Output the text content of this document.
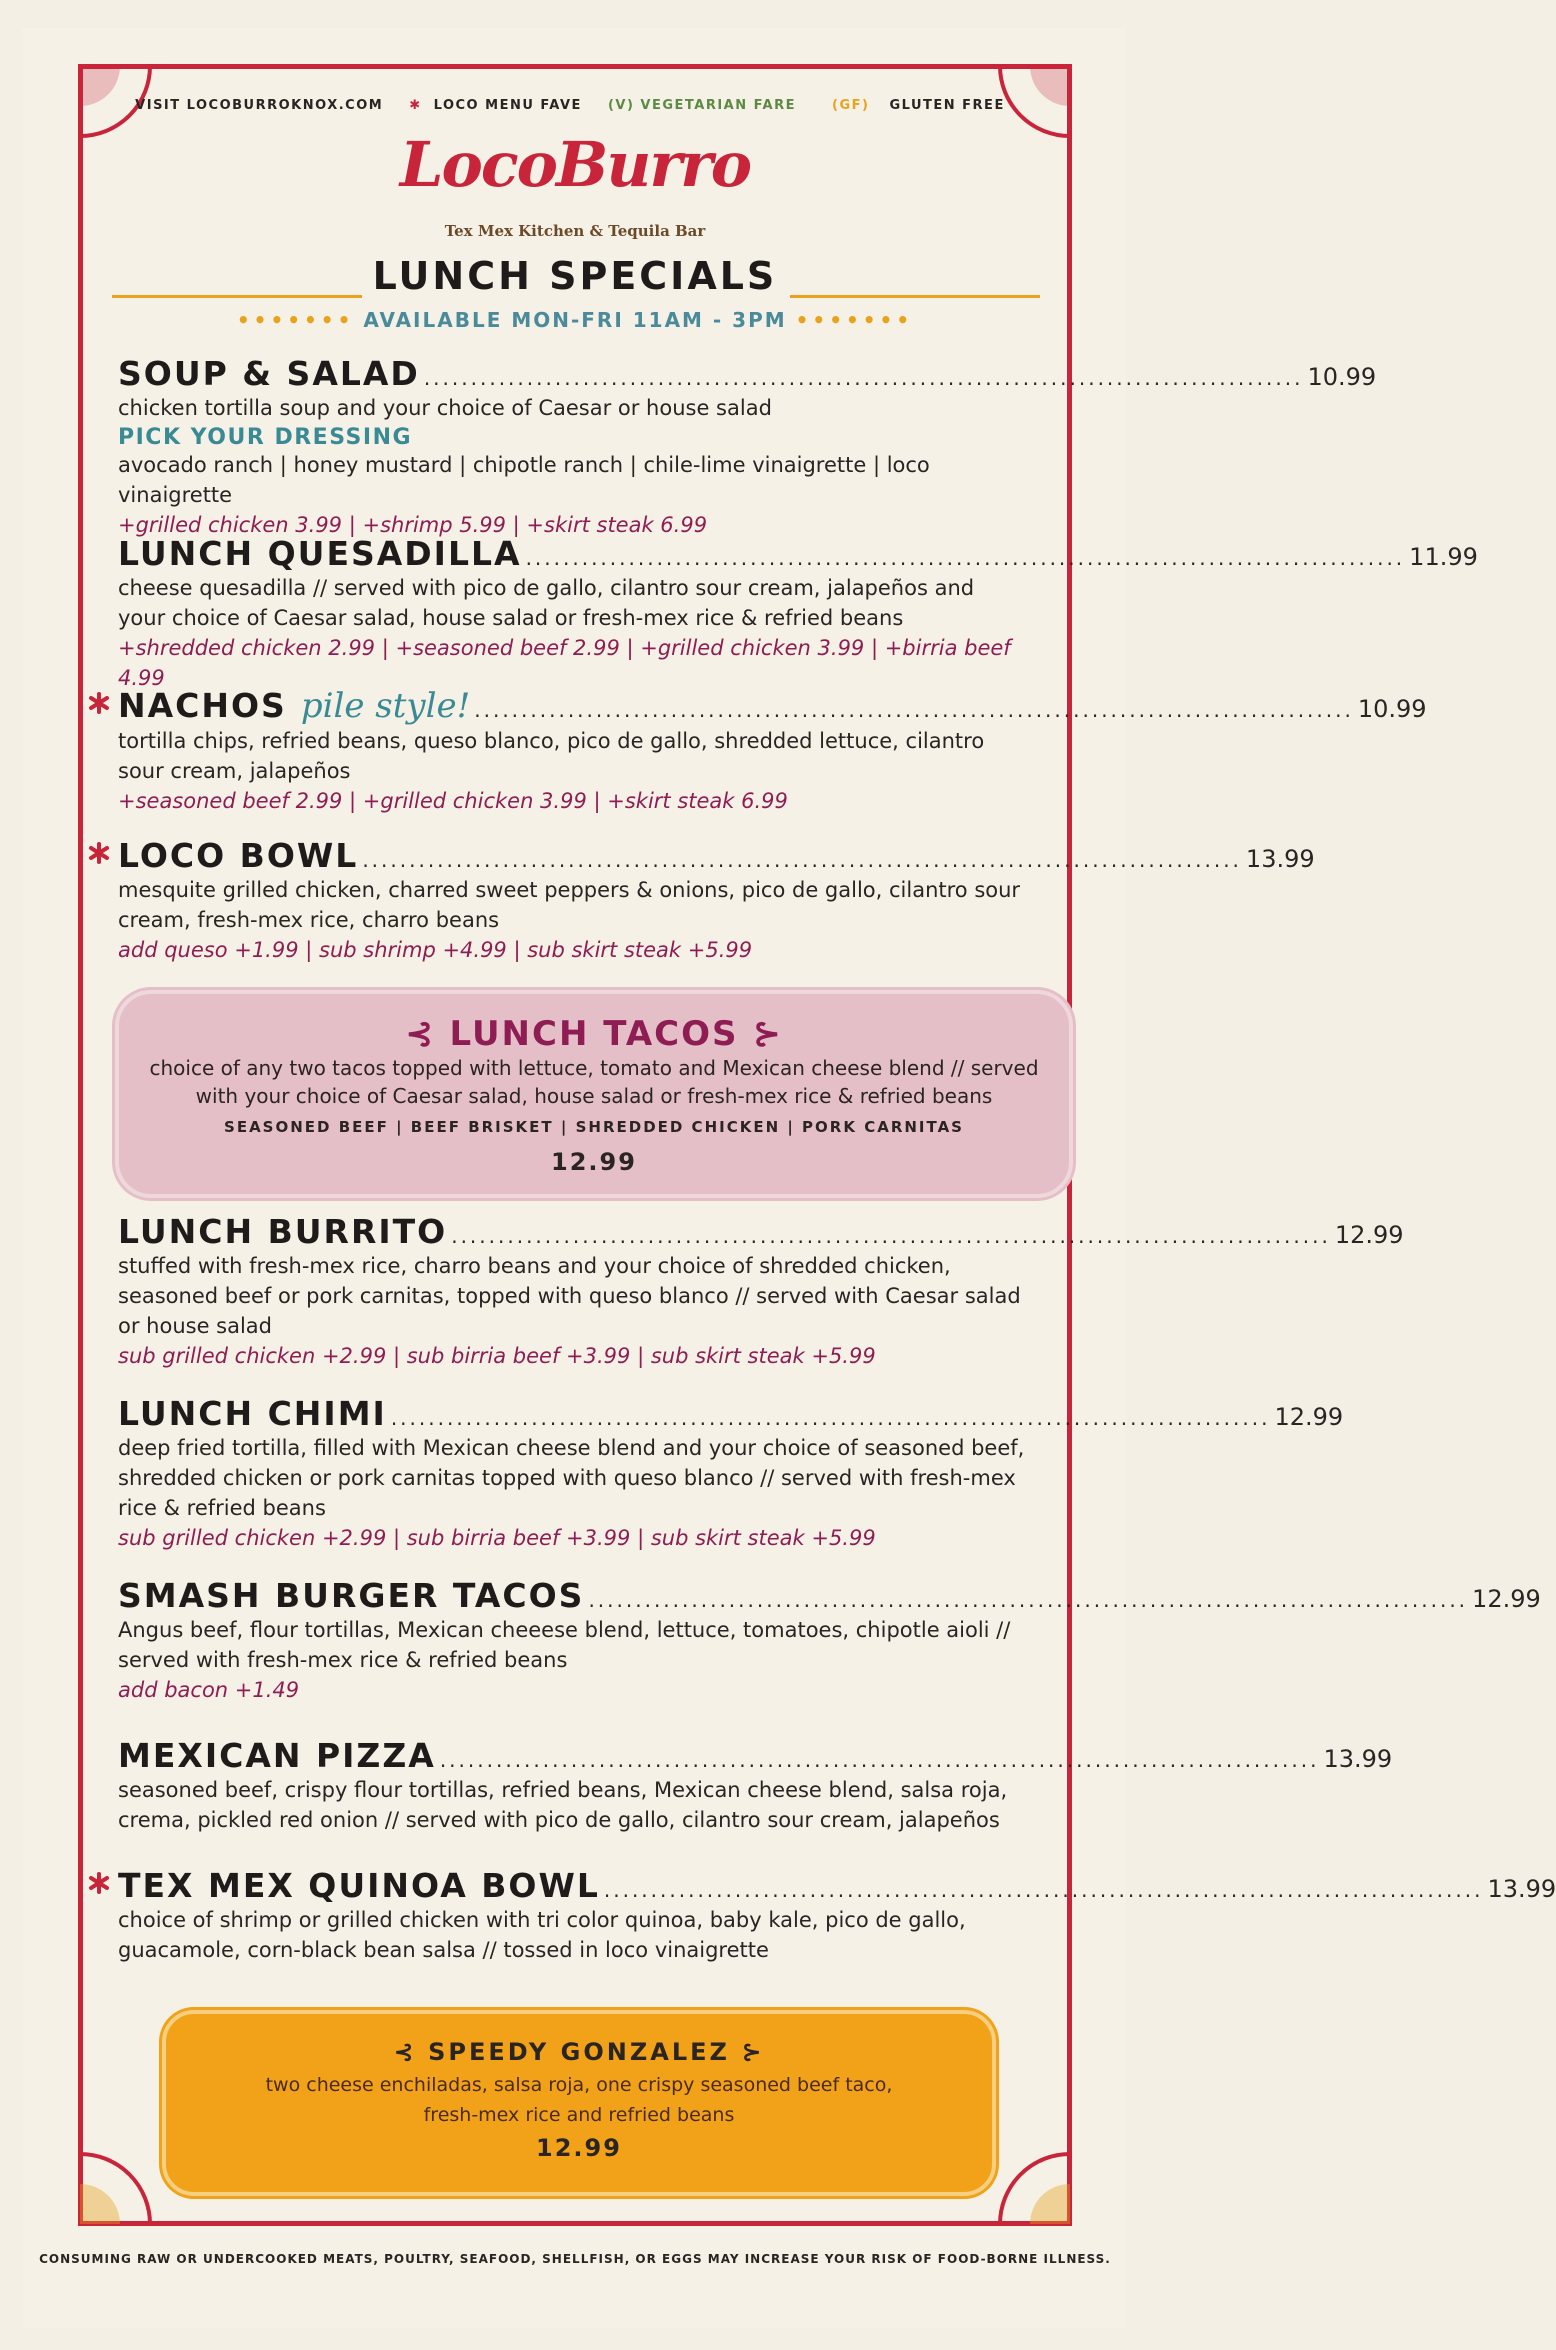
VISIT LOCOBURROKNOX.COM ✱ LOCO MENU FAVE (V) VEGETARIAN FARE	(GF) GLUTEN FREE
LocoBurro
Tex Mex Kitchen & Tequila Bar
LUNCH SPECIALS
••••••• AVAILABLE MON-FRI 11AM - 3PM •••••••
SOUP & SALAD .............................................................................................. 10.99
chicken tortilla soup and your choice of Caesar or house salad
PICK YOUR DRESSING
avocado ranch | honey mustard | chipotle ranch | chile-lime vinaigrette | loco vinaigrette
+grilled chicken 3.99 | +shrimp 5.99 | +skirt steak 6.99
LUNCH QUESADILLA .............................................................................................. 11.99
cheese quesadilla // served with pico de gallo, cilantro sour cream, jalapeños and your choice of Caesar salad, house salad or fresh-mex rice & refried beans
+shredded chicken 2.99 | +seasoned beef 2.99 | +grilled chicken 3.99 | +birria beef 4.99
NACHOS pile style! .............................................................................................. 10.99
tortilla chips, refried beans, queso blanco, pico de gallo, shredded lettuce, cilantro sour cream, jalapeños
+seasoned beef 2.99 | +grilled chicken 3.99 | +skirt steak 6.99
LOCO BOWL .............................................................................................. 13.99
mesquite grilled chicken, charred sweet peppers & onions, pico de gallo, cilantro sour cream, fresh-mex rice, charro beans
add queso +1.99 | sub shrimp +4.99 | sub skirt steak +5.99
⊰ LUNCH TACOS ⊱
choice of any two tacos topped with lettuce, tomato and Mexican cheese blend // served with your choice of Caesar salad, house salad or fresh-mex rice & refried beans
SEASONED BEEF | BEEF BRISKET | SHREDDED CHICKEN | PORK CARNITAS
12.99
LUNCH BURRITO .............................................................................................. 12.99
stuffed with fresh-mex rice, charro beans and your choice of shredded chicken, seasoned beef or pork carnitas, topped with queso blanco // served with Caesar salad or house salad
sub grilled chicken +2.99 | sub birria beef +3.99 | sub skirt steak +5.99
LUNCH CHIMI .............................................................................................. 12.99
deep fried tortilla, filled with Mexican cheese blend and your choice of seasoned beef, shredded chicken or pork carnitas topped with queso blanco // served with fresh-mex rice & refried beans
sub grilled chicken +2.99 | sub birria beef +3.99 | sub skirt steak +5.99
SMASH BURGER TACOS .............................................................................................. 12.99
Angus beef, flour tortillas, Mexican cheeese blend, lettuce, tomatoes, chipotle aioli // served with fresh-mex rice & refried beans
add bacon +1.49
MEXICAN PIZZA .............................................................................................. 13.99
seasoned beef, crispy flour tortillas, refried beans, Mexican cheese blend, salsa roja, crema, pickled red onion // served with pico de gallo, cilantro sour cream, jalapeños
TEX MEX QUINOA BOWL .............................................................................................. 13.99
choice of shrimp or grilled chicken with tri color quinoa, baby kale, pico de gallo, guacamole, corn-black bean salsa // tossed in loco vinaigrette
⊰ SPEEDY GONZALEZ ⊱
two cheese enchiladas, salsa roja, one crispy seasoned beef taco,
fresh-mex rice and refried beans
12.99
CONSUMING RAW OR UNDERCOOKED MEATS, POULTRY, SEAFOOD, SHELLFISH, OR EGGS MAY INCREASE YOUR RISK OF FOOD-BORNE ILLNESS.
